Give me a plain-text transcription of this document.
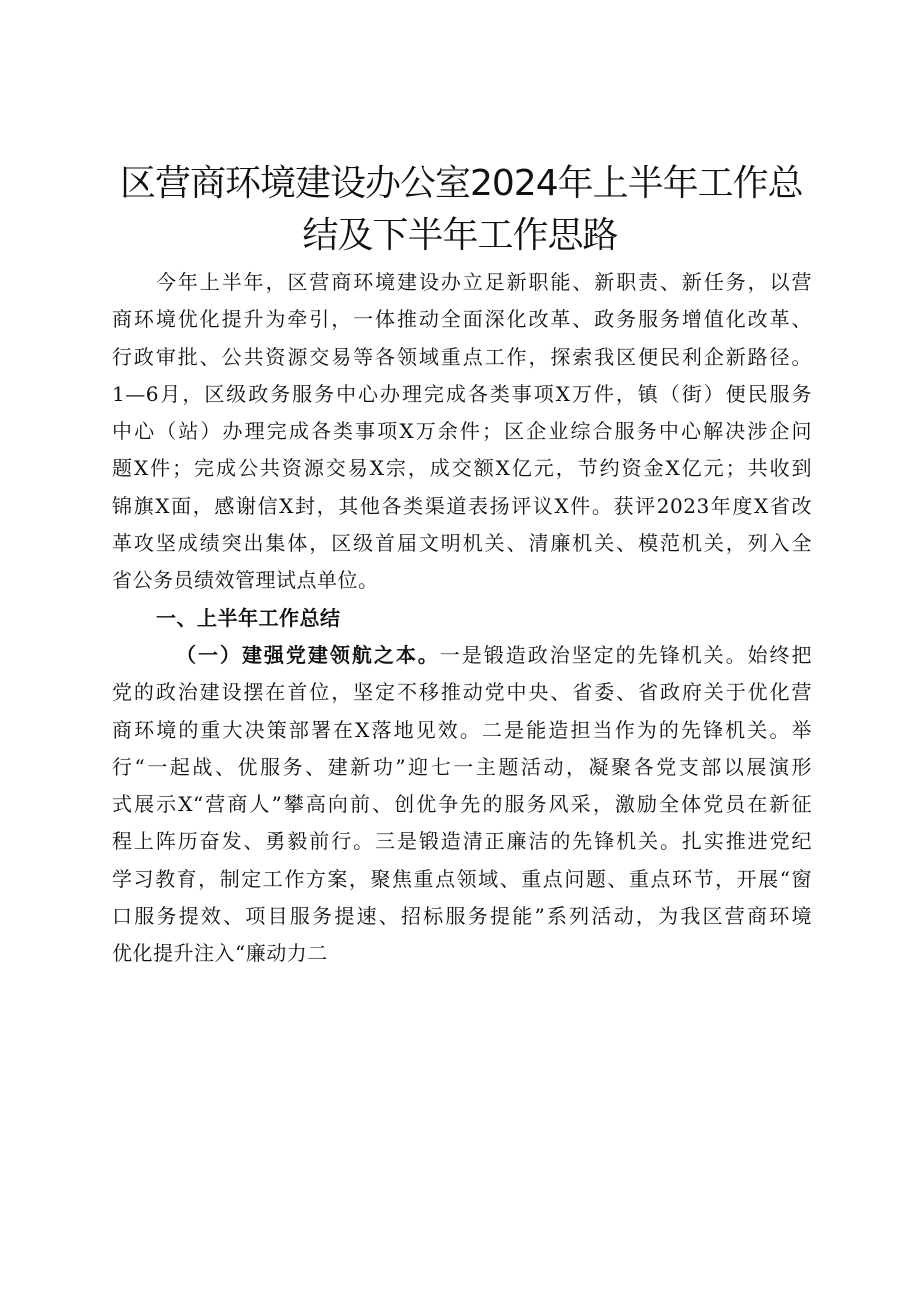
区营商环境建设办公室2024年上半年工作总
结及下半年工作思路
今年上半年，区营商环境建设办立足新职能、新职责、新任务，以营
商环境优化提升为牵引，一体推动全面深化改革、政务服务增值化改革、
行政审批、公共资源交易等各领域重点工作，探索我区便民利企新路径。
1—6月，区级政务服务中心办理完成各类事项X万件，镇（街）便民服务
中心（站）办理完成各类事项X万余件；区企业综合服务中心解决涉企问
题X件；完成公共资源交易X宗，成交额X亿元，节约资金X亿元；共收到
锦旗X面，感谢信X封，其他各类渠道表扬评议X件。获评2023年度X省改
革攻坚成绩突出集体，区级首届文明机关、清廉机关、模范机关，列入全
省公务员绩效管理试点单位。
一、上半年工作总结
（一）建强党建领航之本。一是锻造政治坚定的先锋机关。始终把
党的政治建设摆在首位，坚定不移推动党中央、省委、省政府关于优化营
商环境的重大决策部署在X落地见效。二是能造担当作为的先锋机关。举
行“一起战、优服务、建新功”迎七一主题活动，凝聚各党支部以展演形
式展示X“营商人”攀高向前、创优争先的服务风采，激励全体党员在新征
程上阵历奋发、勇毅前行。三是锻造清正廉洁的先锋机关。扎实推进党纪
学习教育，制定工作方案，聚焦重点领域、重点问题、重点环节，开展“窗
口服务提效、项目服务提速、招标服务提能”系列活动，为我区营商环境
优化提升注入“廉动力二
